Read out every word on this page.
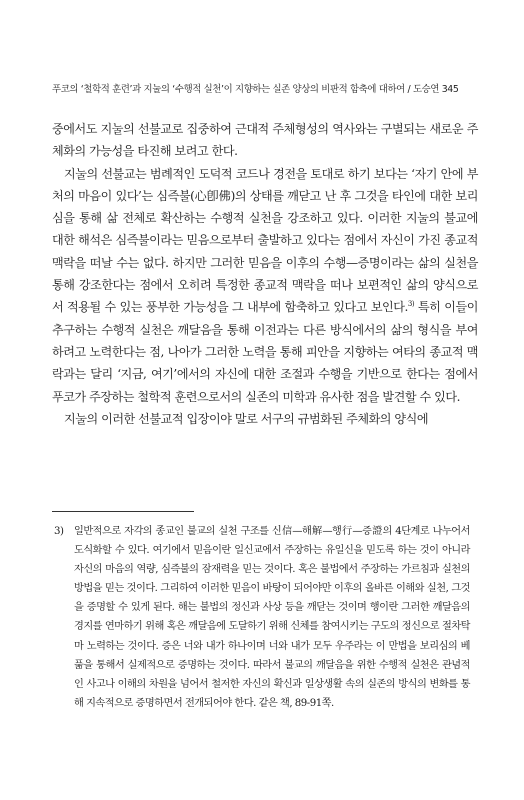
푸코의 ‘철학적 훈련’과 지눌의 ‘수행적 실천’이 지향하는 실존 양상의 비판적 함축에 대하여 / 도승연 345

중에서도 지눌의 선불교로 집중하여 근대적 주체형성의 역사와는 구별되는 새로운 주체화의 가능성을 타진해 보려고 한다.

지눌의 선불교는 범례적인 도덕적 코드나 경전을 토대로 하기 보다는 ‘자기 안에 부처의 마음이 있다’는 심즉불(心卽佛)의 상태를 깨닫고 난 후 그것을 타인에 대한 보리심을 통해 삶 전체로 확산하는 수행적 실천을 강조하고 있다. 이러한 지눌의 불교에 대한 해석은 심즉불이라는 믿음으로부터 출발하고 있다는 점에서 자신이 가진 종교적 맥락을 떠날 수는 없다. 하지만 그러한 믿음을 이후의 수행—증명이라는 삶의 실천을 통해 강조한다는 점에서 오히려 특정한 종교적 맥락을 떠나 보편적인 삶의 양식으로서 적용될 수 있는 풍부한 가능성을 그 내부에 함축하고 있다고 보인다.$^{3)}$ 특히 이들이 추구하는 수행적 실천은 깨달음을 통해 이전과는 다른 방식에서의 삶의 형식을 부여하려고 노력한다는 점, 나아가 그러한 노력을 통해 피안을 지향하는 여타의 종교적 맥락과는 달리 ‘지금, 여기’에서의 자신에 대한 조절과 수행을 기반으로 한다는 점에서 푸코가 주장하는 철학적 훈련으로서의 실존의 미학과 유사한 점을 발견할 수 있다.

지눌의 이러한 선불교적 입장이야 말로 서구의 규범화된 주체화의 양식에

3) 일반적으로 자각의 종교인 불교의 실천 구조를 신信—해解—행行—증證의 4단계로 나누어서 도식화할 수 있다. 여기에서 믿음이란 일신교에서 주장하는 유일신을 믿도록 하는 것이 아니라 자신의 마음의 역량, 심즉불의 잠재력을 믿는 것이다. 혹은 불법에서 주장하는 가르침과 실천의 방법을 믿는 것이다. 그리하여 이러한 믿음이 바탕이 되어야만 이후의 올바른 이해와 실천, 그것을 증명할 수 있게 된다. 해는 불법의 정신과 사상 등을 깨닫는 것이며 행이란 그러한 깨달음의 경지를 연마하기 위해 혹은 깨달음에 도달하기 위해 신체를 참여시키는 구도의 정신으로 절차탁마 노력하는 것이다. 증은 너와 내가 하나이며 너와 내가 모두 우주라는 이 만법을 보리심의 베풂을 통해서 실제적으로 증명하는 것이다. 따라서 불교의 깨달음을 위한 수행적 실천은 관념적인 사고나 이해의 차원을 넘어서 철저한 자신의 확신과 일상생활 속의 실존의 방식의 변화를 통해 지속적으로 증명하면서 전개되어야 한다. 같은 책, 89-91쪽.
